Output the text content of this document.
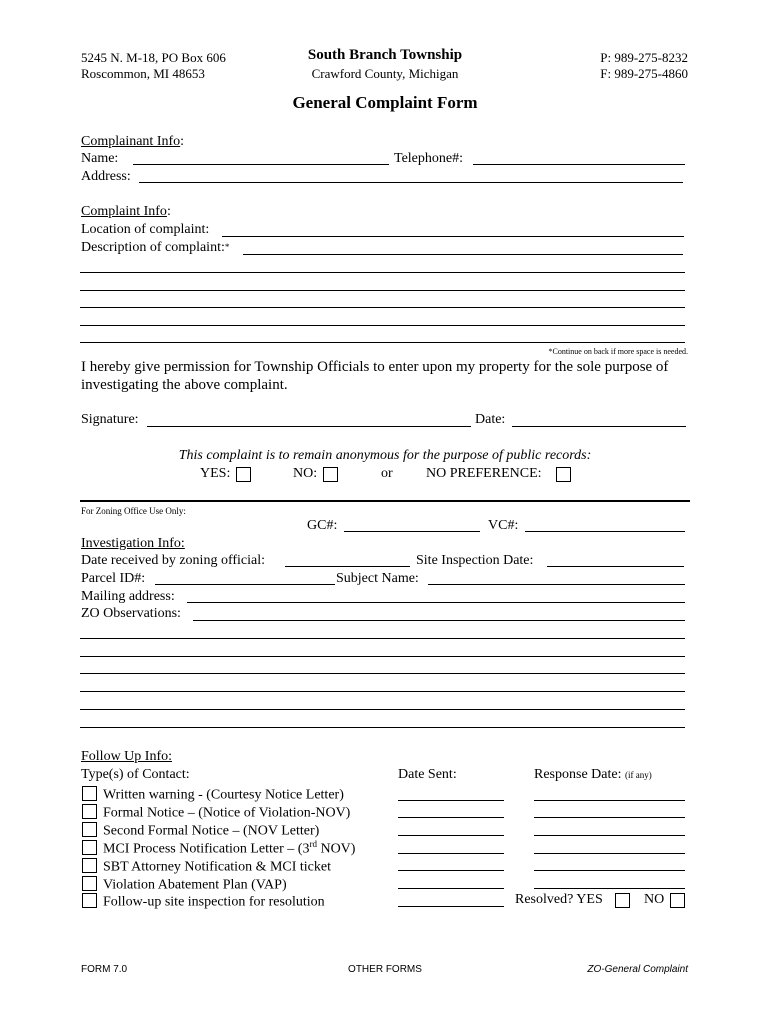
5245 N. M-18, PO Box 606
Roscommon, MI 48653
South Branch Township
Crawford County, Michigan
P: 989-275-8232
F: 989-275-4860
General Complaint Form
Complainant Info:
Name:	Telephone#:
Address:
Complaint Info:
Location of complaint:
Description of complaint:*
*Continue on back if more space is needed.
I hereby give permission for Township Officials to enter upon my property for the sole purpose of
investigating the above complaint.
Signature:	Date:
This complaint is to remain anonymous for the purpose of public records:
YES:	NO:	or NO PREFERENCE:
For Zoning Office Use Only:
GC#:	VC#:
Investigation Info:
Date received by zoning official:	Site Inspection Date:
Parcel ID#:	Subject Name:
Mailing address:
ZO Observations:
Follow Up Info:
Type(s) of Contact:	Date Sent:	Response Date: (if any)
Written warning - (Courtesy Notice Letter)
Formal Notice – (Notice of Violation-NOV)
Second Formal Notice – (NOV Letter)
MCI Process Notification Letter – (3rd NOV)
SBT Attorney Notification & MCI ticket
Violation Abatement Plan (VAP)
Follow-up site inspection for resolution	Resolved? YES	NO
FORM 7.0	OTHER FORMS	ZO-General Complaint
